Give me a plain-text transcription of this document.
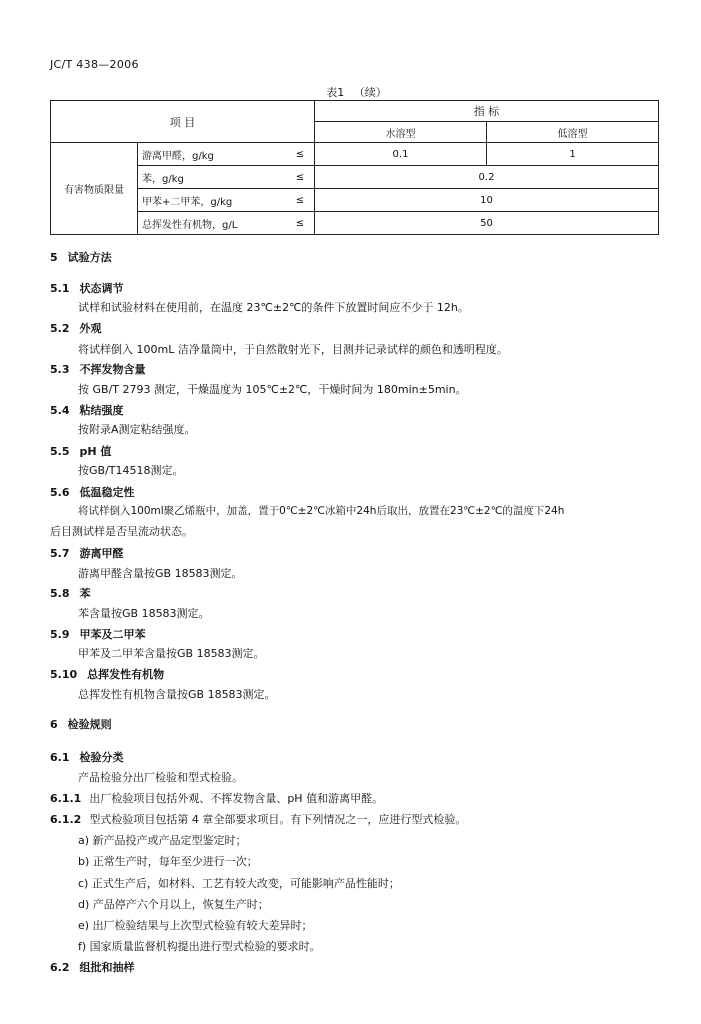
JC/T 438—2006
表1 （续）
项 目			指 标	
			水溶型	低溶型
有害物质限量	游离甲醛，g/kg	≤	0.1	1
	苯，g/kg	≤	0.2	
	甲苯+二甲苯，g/kg	≤	10	
	总挥发性有机物，g/L	≤	50	
5 试验方法
5.1 状态调节
试样和试验材料在使用前，在温度 23℃±2℃的条件下放置时间应不少于 12h。
5.2 外观
将试样倒入 100mL 洁净量筒中，于自然散射光下，目测并记录试样的颜色和透明程度。
5.3 不挥发物含量
按 GB/T 2793 测定，干燥温度为 105℃±2℃，干燥时间为 180min±5min。
5.4 粘结强度
按附录A测定粘结强度。
5.5 pH 值
按GB/T14518测定。
5.6 低温稳定性
将试样倒入100ml聚乙烯瓶中，加盖，置于0℃±2℃冰箱中24h后取出，放置在23℃±2℃的温度下24h
后目测试样是否呈流动状态。
5.7 游离甲醛
游离甲醛含量按GB 18583测定。
5.8 苯
苯含量按GB 18583测定。
5.9 甲苯及二甲苯
甲苯及二甲苯含量按GB 18583测定。
5.10 总挥发性有机物
总挥发性有机物含量按GB 18583测定。
6 检验规则
6.1 检验分类
产品检验分出厂检验和型式检验。
6.1.1 出厂检验项目包括外观、不挥发物含量、pH 值和游离甲醛。
6.1.2 型式检验项目包括第 4 章全部要求项目。有下列情况之一，应进行型式检验。
a) 新产品投产或产品定型鉴定时；
b) 正常生产时，每年至少进行一次；
c) 正式生产后，如材料、工艺有较大改变，可能影响产品性能时；
d) 产品停产六个月以上，恢复生产时；
e) 出厂检验结果与上次型式检验有较大差异时；
f) 国家质量监督机构提出进行型式检验的要求时。
6.2 组批和抽样
